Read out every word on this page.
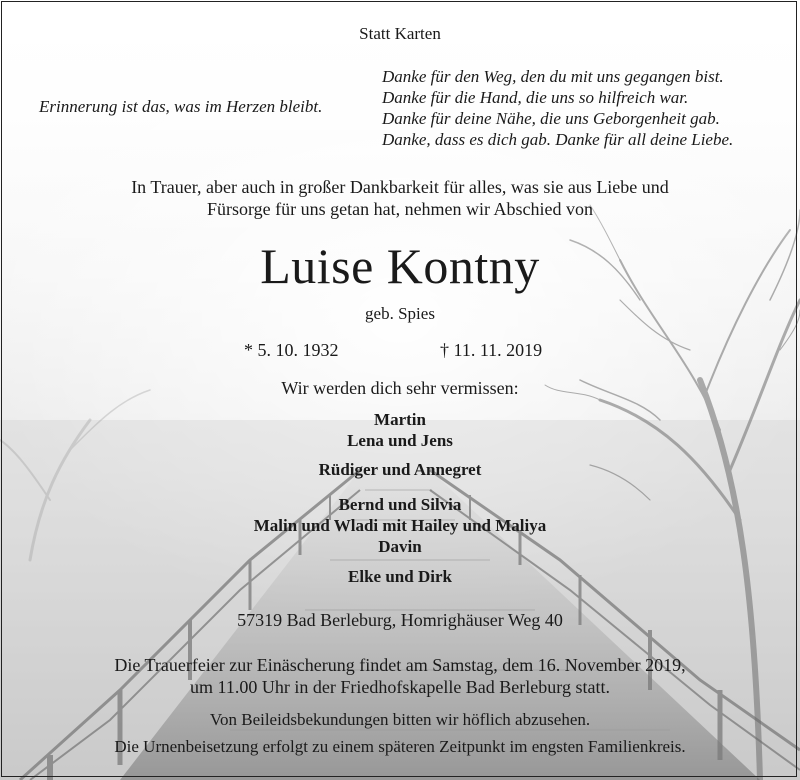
Statt Karten
Erinnerung ist das, was im Herzen bleibt.
Danke für den Weg, den du mit uns gegangen bist.
Danke für die Hand, die uns so hilfreich war.
Danke für deine Nähe, die uns Geborgenheit gab.
Danke, dass es dich gab. Danke für all deine Liebe.
In Trauer, aber auch in großer Dankbarkeit für alles, was sie aus Liebe und
Fürsorge für uns getan hat, nehmen wir Abschied von
Luise Kontny
geb. Spies
* 5. 10. 1932	† 11. 11. 2019
Wir werden dich sehr vermissen:
Martin
Lena und Jens
Rüdiger und Annegret
Bernd und Silvia
Malin und Wladi mit Hailey und Maliya
Davin
Elke und Dirk
57319 Bad Berleburg, Homrighäuser Weg 40
Die Trauerfeier zur Einäscherung findet am Samstag, dem 16. November 2019,
um 11.00 Uhr in der Friedhofskapelle Bad Berleburg statt.
Von Beileidsbekundungen bitten wir höflich abzusehen.
Die Urnenbeisetzung erfolgt zu einem späteren Zeitpunkt im engsten Familienkreis.
